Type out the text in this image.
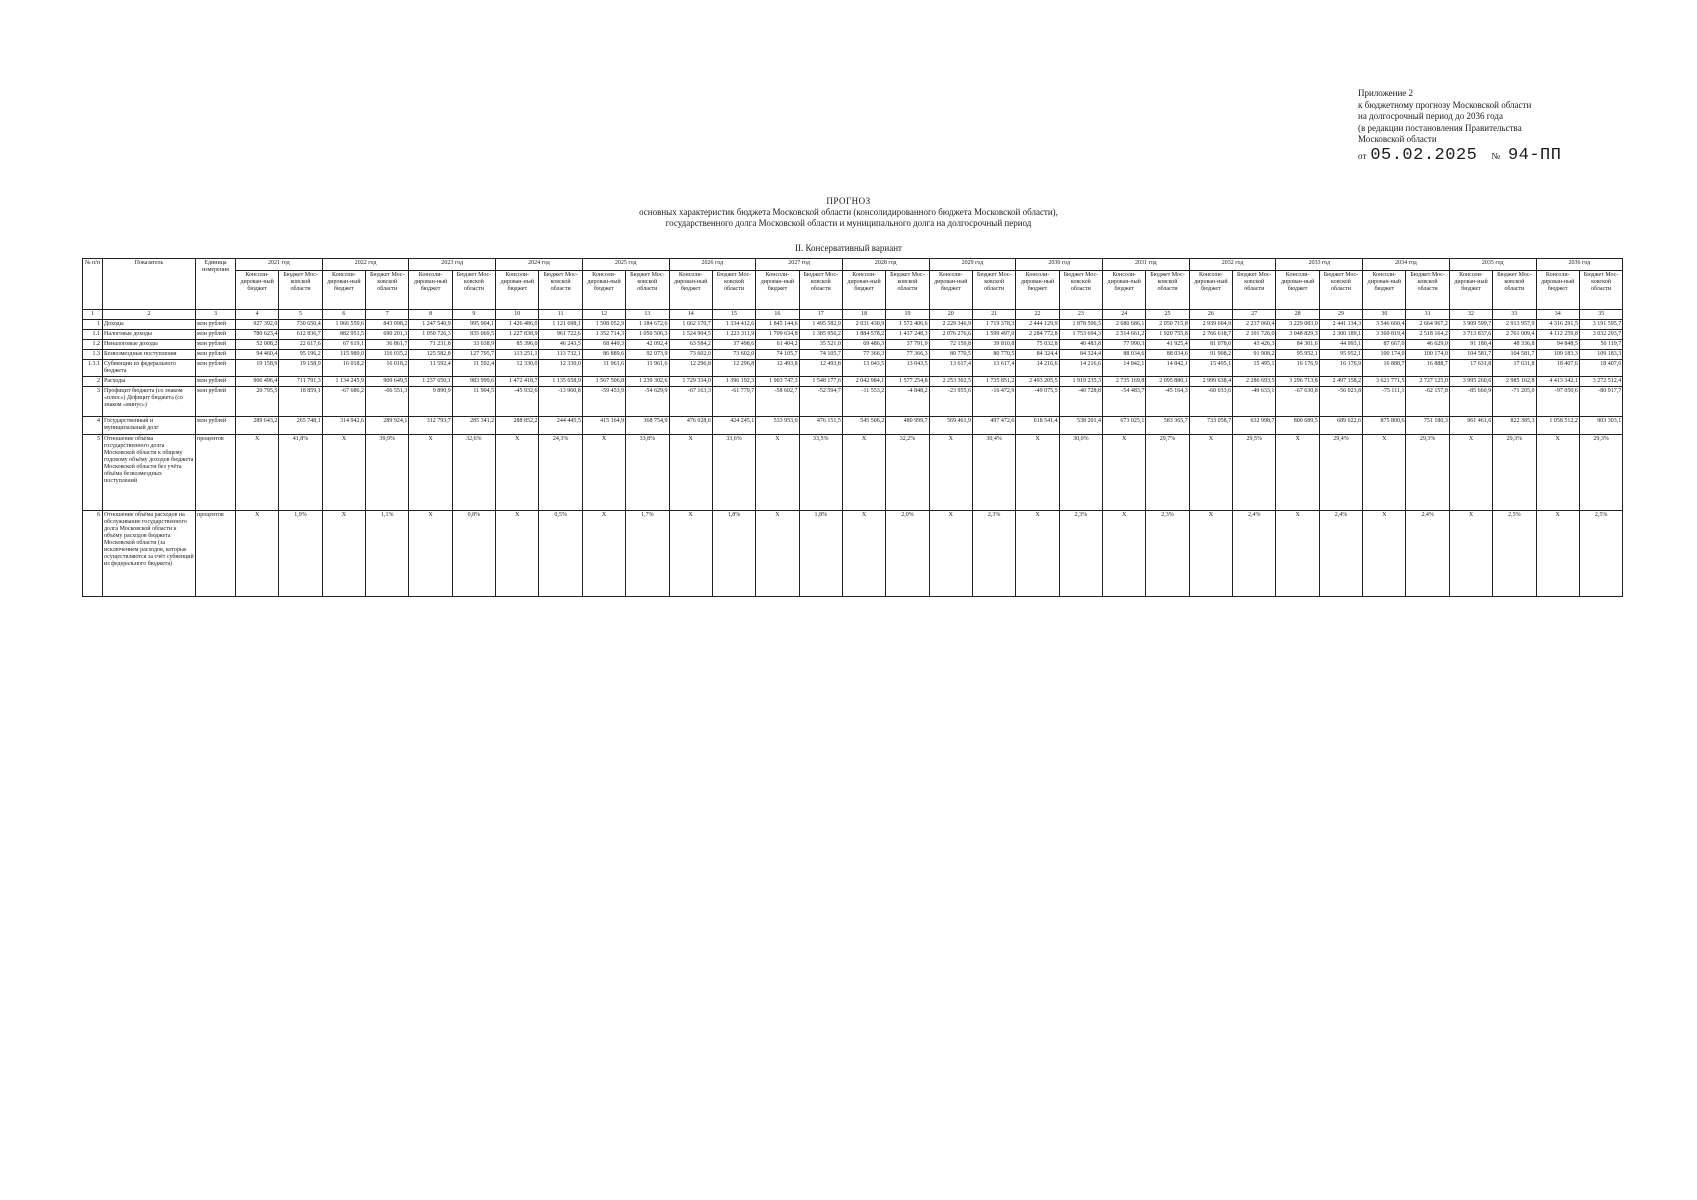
Приложение 2
к бюджетному прогнозу Московской области
на долгосрочный период до 2036 года
(в редакции постановления Правительства
Московской области
от 05.02.2025 № 94-ПП
ПРОГНОЗ
основных характеристик бюджета Московской области (консолидированного бюджета Московской области),
государственного долга Московской области и муниципального долга на долгосрочный период
II. Консервативный вариант
№ п/п	Показатель	Единица измерения	2021 год		2022 год		2023 год		2024 год		2025 год		2026 год		2027 год		2028 год		2029 год		2030 год		2031 год		2032 год		2033 год		2034 год		2035 год		2036 год	
			Консоли-дирован-ный бюджет	Бюджет Мос-ковской области	Консоли-дирован-ный бюджет	Бюджет Мос-ковской области	Консоли-дирован-ный бюджет	Бюджет Мос-ковской области	Консоли-дирован-ный бюджет	Бюджет Мос-ковской области	Консоли-дирован-ный бюджет	Бюджет Мос-ковской области	Консоли-дирован-ный бюджет	Бюджет Мос-ковской области	Консоли-дирован-ный бюджет	Бюджет Мос-ковской области	Консоли-дирован-ный бюджет	Бюджет Мос-ковской области	Консоли-дирован-ный бюджет	Бюджет Мос-ковской области	Консоли-дирован-ный бюджет	Бюджет Мос-ковской области	Консоли-дирован-ный бюджет	Бюджет Мос-ковской области	Консоли-дирован-ный бюджет	Бюджет Мос-ковской области	Консоли-дирован-ный бюджет	Бюджет Мос-ковской области	Консоли-дирован-ный бюджет	Бюджет Мос-ковской области	Консоли-дирован-ный бюджет	Бюджет Мос-ковской области	Консоли-дирован-ный бюджет	Бюджет Мос-ковской области
1	2	3	4	5	6	7	8	9	10	11	12	13	14	15	16	17	18	19	20	21	22	23	24	25	26	27	28	29	30	31	32	33	34	35
1	Доходы	млн рублей	927 392,0	730 650,4	1 066 559,6	843 098,2	1 247 540,9	995 904,1	1 426 486,0	1 121 698,1	1 508 052,9	1 184 672,6	1 662 170,7	1 334 412,6	1 845 144,6	1 495 582,9	2 031 430,9	1 572 406,6	2 229 346,9	1 719 378,3	2 444 129,9	1 878 506,5	2 680 686,1	2 050 715,8	2 939 604,9	2 237 060,4	3 229 083,0	2 441 134,3	3 546 660,4	2 664 967,2	3 909 599,7	2 913 957,9	4 316 291,5	3 191 595,7
1.1	Налоговые доходы	млн рублей	780 623,4	612 836,7	882 951,5	690 201,3	1 050 726,3	835 069,5	1 227 838,9	961 722,6	1 352 714,3	1 050 506,3	1 524 904,5	1 223 311,9	1 709 634,8	1 385 956,2	1 884 578,2	1 437 248,3	2 076 276,6	1 599 497,0	2 284 772,8	1 753 694,3	2 514 661,2	1 920 755,8	2 766 618,7	2 101 726,0	3 048 829,3	2 300 189,1	3 360 819,4	2 518 164,2	3 713 837,6	2 761 009,4	4 112 259,8	3 032 293,7
1.2	Неналоговые доходы	млн рублей	52 008,2	22 617,6	67 619,1	36 861,7	71 231,8	33 038,9	85 396,0	46 243,5	68 449,3	42 092,4	63 584,2	37 498,6	61 404,2	35 521,0	69 486,3	37 791,9	72 159,8	39 810,8	75 032,8	40 483,8	77 990,3	41 925,4	81 078,0	43 426,3	84 301,6	44 993,1	87 667,0	46 629,0	91 180,4	48 336,8	94 848,5	50 119,7
1.3	Безвозмездные поступления	млн рублей	94 460,4	95 196,2	115 989,0	116 035,2	125 582,8	127 795,7	113 251,1	113 732,1	86 889,6	92 073,9	73 602,0	73 602,0	74 105,7	74 105,7	77 366,3	77 366,3	80 770,5	80 770,5	84 324,4	84 324,4	88 034,6	88 034,6	91 908,2	91 908,2	95 952,1	95 952,1	100 174,0	100 174,0	104 581,7	104 581,7	109 183,3	109 183,3
1.3.1	Субвенции из федерального бюджета	млн рублей	19 158,9	19 158,9	16 018,2	16 018,2	11 592,4	11 592,4	12 330,0	12 330,0	11 961,6	11 961,6	12 296,8	12 296,8	12 493,8	12 493,8	13 043,5	13 043,5	13 617,4	13 617,4	14 216,6	14 216,6	14 842,1	14 842,1	15 495,1	15 495,1	16 176,9	16 176,9	16 888,7	16 888,7	17 631,8	17 631,8	18 407,6	18 407,6
2	Расходы	млн рублей	906 496,4	711 791,3	1 134 245,9	909 649,5	1 237 650,1	983 999,6	1 472 418,7	1 135 658,9	1 567 506,8	1 239 302,6	1 729 334,0	1 396 192,3	1 903 747,3	1 548 177,6	2 042 984,1	1 577 254,8	2 253 302,5	1 735 851,2	2 493 205,5	1 919 235,3	2 735 169,8	2 095 880,1	2 999 638,4	2 286 693,5	3 296 713,8	2 497 158,2	3 621 771,5	2 727 125,0	3 995 260,6	2 985 162,8	4 413 342,1	3 272 512,4
3	Профицит бюджета (со знаком «плюс») Дефицит бюджета (со знаком «минус»)	млн рублей	20 795,5	18 859,1	-67 686,2	-66 551,3	9 890,9	11 904,5	-45 932,6	-13 960,8	-59 453,9	-54 629,9	-67 163,3	-61 779,7	-58 602,7	-52 594,7	-11 553,2	-4 848,2	-23 955,6	-16 472,9	-49 075,5	-40 728,8	-54 483,7	-45 164,3	-60 033,6	-49 633,1	-67 630,8	-56 023,8	-75 111,1	-62 157,8	-85 660,9	-71 205,0	-97 050,6	-80 917,7
4	Государственный и муниципальный долг	млн рублей	289 643,2	265 748,1	314 942,6	289 924,1	312 793,7	285 341,2	288 852,2	244 445,5	415 164,9	368 754,9	476 028,6	424 245,1	533 953,0	476 151,5	545 506,2	480 999,7	569 461,9	497 472,6	618 541,4	538 201,4	673 025,1	583 365,7	733 058,7	632 998,7	800 689,5	689 022,6	875 800,6	751 180,3	961 461,6	822 385,3	1 058 512,2	903 303,1
5	Отношение объёма государственного долга Московской области к общему годовому объёму доходов бюджета Московской области без учёта объёма безвозмездных поступлений	процентов	X	41,8%	X	39,9%	X	32,6%	X	24,3%	X	33,8%	X	33,6%	X	33,5%	X	32,2%	X	30,4%	X	30,0%	X	29,7%	X	29,5%	X	29,4%	X	29,3%	X	29,3%	X	29,3%
6	Отношение объёма расходов на обслуживание государственного долга Московской области к объёму расходов бюджета Московской области (за исключением расходов, которые осуществляются за счёт субвенций из федерального бюджета)	процентов	X	1,9%	X	1,1%	X	0,8%	X	0,5%	X	1,7%	X	1,8%	X	1,8%	X	2,0%	X	2,3%	X	2,3%	X	2,3%	X	2,4%	X	2,4%	X	2,4%	X	2,5%	X	2,5%
